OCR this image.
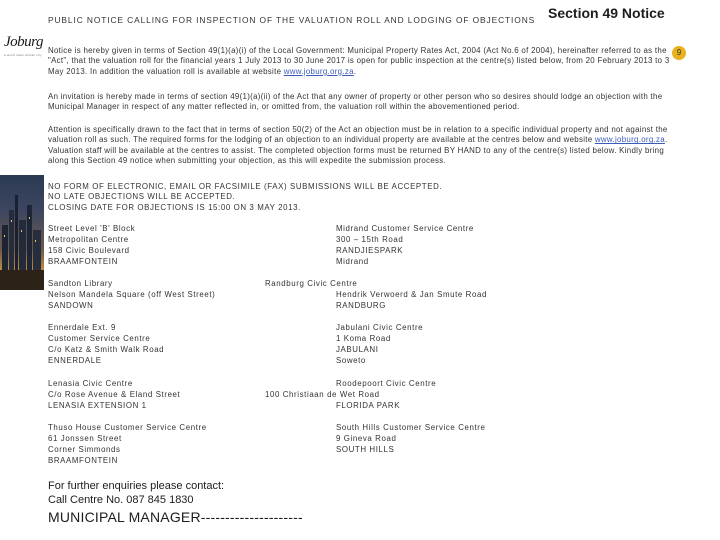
Joburg
a world class african city	9
PUBLIC NOTICE CALLING FOR INSPECTION OF THE VALUATION ROLL AND LODGING OF OBJECTIONS Section 49 Notice
Notice is hereby given in terms of Section 49(1)(a)(i) of the Local Government: Municipal Property Rates Act, 2004 (Act No.6 of 2004), hereinafter referred to as the "Act", that the valuation roll for the financial years 1 July 2013 to 30 June 2017 is open for public inspection at the centre(s) listed below, from 20 February 2013 to 3 May 2013. In addition the valuation roll is available at website www.joburg.org.za.
An invitation is hereby made in terms of section 49(1)(a)(ii) of the Act that any owner of property or other person who so desires should lodge an objection with the Municipal Manager in respect of any matter reflected in, or omitted from, the valuation roll within the abovementioned period.
Attention is specifically drawn to the fact that in terms of section 50(2) of the Act an objection must be in relation to a specific individual property and not against the valuation roll as such. The required forms for the lodging of an objection to an individual property are available at the centres below and website www.joburg.org.za. Valuation staff will be available at the centres to assist. The completed objection forms must be returned BY HAND to any of the centre(s) listed below. Kindly bring along this Section 49 notice when submitting your objection, as this will expedite the submission process.
NO FORM OF ELECTRONIC, EMAIL OR FACSIMILE (FAX) SUBMISSIONS WILL BE ACCEPTED.
NO LATE OBJECTIONS WILL BE ACCEPTED.
CLOSING DATE FOR OBJECTIONS IS 15:00 ON 3 MAY 2013.
Street Level 'B' Block
Metropolitan Centre
158 Civic Boulevard
BRAAMFONTEIN
Midrand Customer Service Centre
300 – 15th Road
RANDJIESPARK
Midrand
Sandton Library
Nelson Mandela Square (off West Street)
SANDOWN
Randburg Civic Centre
Hendrik Verwoerd & Jan Smute Road
RANDBURG
Ennerdale Ext. 9
Customer Service Centre
C/o Katz & Smith Walk Road
ENNERDALE
Jabulani Civic Centre
1 Koma Road
JABULANI
Soweto
Lenasia Civic Centre
C/o Rose Avenue & Eland Street
LENASIA EXTENSION 1
Roodepoort Civic Centre
100 Christiaan de Wet Road
FLORIDA PARK
Thuso House Customer Service Centre
61 Jonssen Street
Corner Simmonds
BRAAMFONTEIN
South Hills Customer Service Centre
9 Gineva Road
SOUTH HILLS
For further enquiries please contact:
Call Centre No. 087 845 1830
MUNICIPAL MANAGER---------------------
